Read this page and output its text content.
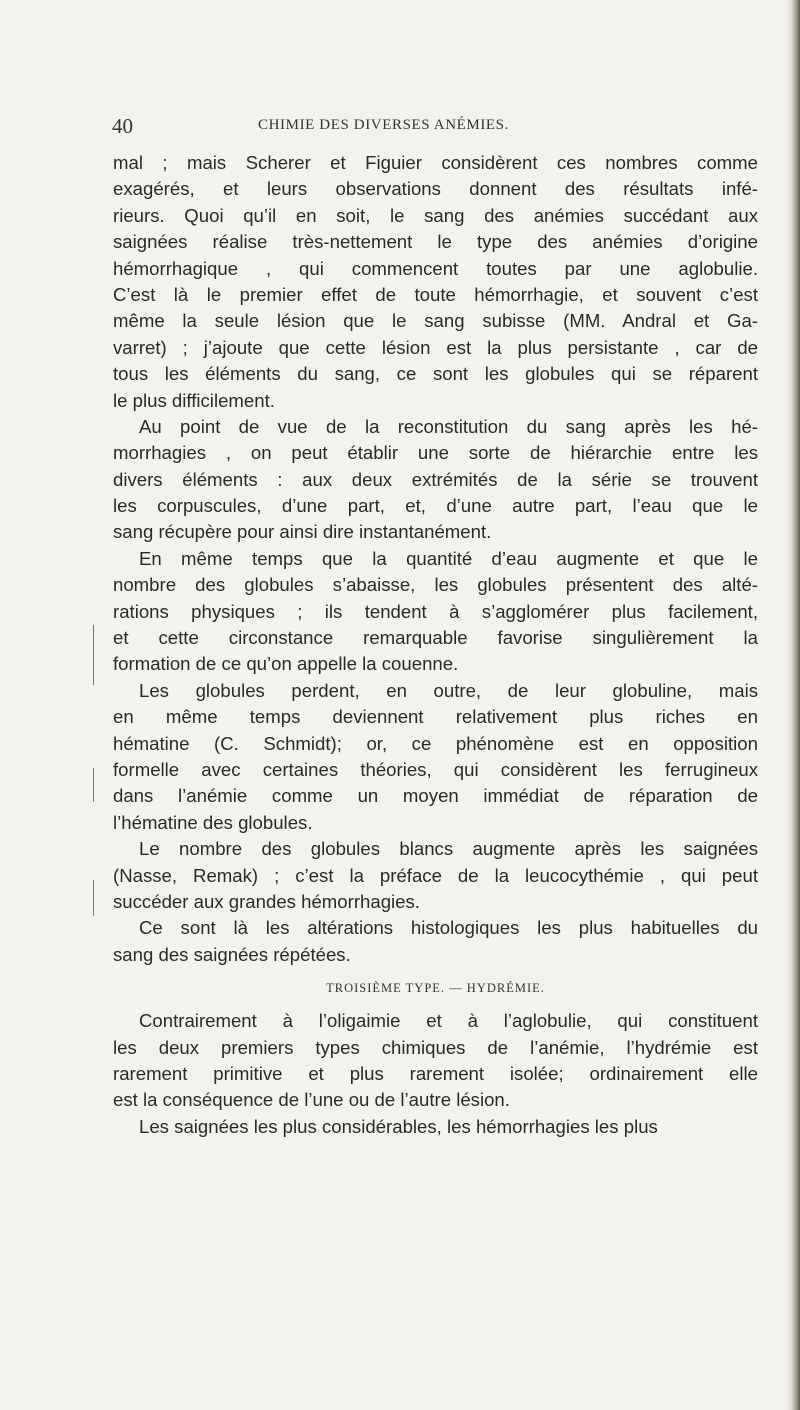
40	CHIMIE DES DIVERSES ANÉMIES.
mal ; mais Scherer et Figuier considèrent ces nombres comme
exagérés, et leurs observations donnent des résultats infé-
rieurs. Quoi qu’il en soit, le sang des anémies succédant aux
saignées réalise très-nettement le type des anémies d’origine
hémorrhagique , qui commencent toutes par une aglobulie.
C’est là le premier effet de toute hémorrhagie, et souvent c’est
même la seule lésion que le sang subisse (MM. Andral et Ga-
varret) ; j’ajoute que cette lésion est la plus persistante , car de
tous les éléments du sang, ce sont les globules qui se réparent
le plus difficilement.
Au point de vue de la reconstitution du sang après les hé-
morrhagies , on peut établir une sorte de hiérarchie entre les
divers éléments : aux deux extrémités de la série se trouvent
les corpuscules, d’une part, et, d’une autre part, l’eau que le
sang récupère pour ainsi dire instantanément.
En même temps que la quantité d’eau augmente et que le
nombre des globules s’abaisse, les globules présentent des alté-
rations physiques ; ils tendent à s’agglomérer plus facilement,
et cette circonstance remarquable favorise singulièrement la
formation de ce qu’on appelle la couenne.
Les globules perdent, en outre, de leur globuline, mais
en même temps deviennent relativement plus riches en
hématine (C. Schmidt); or, ce phénomène est en opposition
formelle avec certaines théories, qui considèrent les ferrugineux
dans l’anémie comme un moyen immédiat de réparation de
l’hématine des globules.
Le nombre des globules blancs augmente après les saignées
(Nasse, Remak) ; c’est la préface de la leucocythémie , qui peut
succéder aux grandes hémorrhagies.
Ce sont là les altérations histologiques les plus habituelles du
sang des saignées répétées.
TROISIÈME TYPE. — HYDRÉMIE.
Contrairement à l’oligaimie et à l’aglobulie, qui constituent
les deux premiers types chimiques de l’anémie, l’hydrémie est
rarement primitive et plus rarement isolée; ordinairement elle
est la conséquence de l’une ou de l’autre lésion.
Les saignées les plus considérables, les hémorrhagies les plus
